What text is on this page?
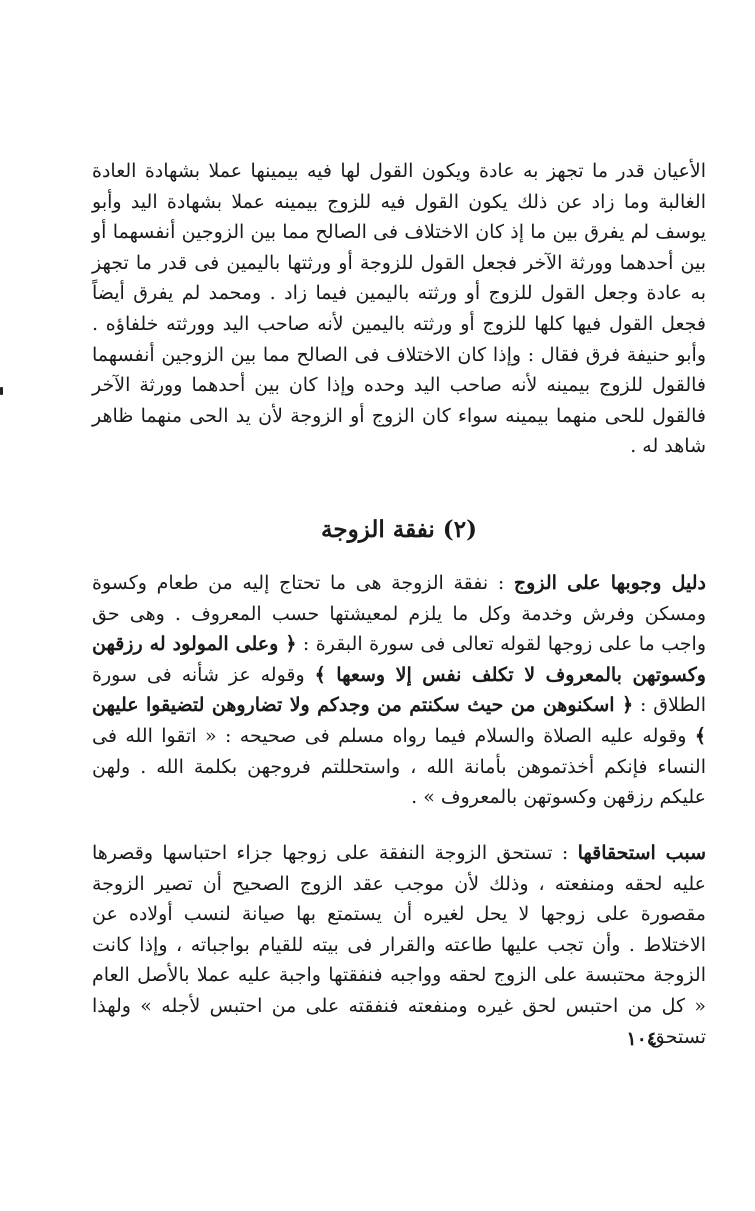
الأعيان قدر ما تجهز به عادة ويكون القول لها فيه بيمينها عملا بشهادة العادة الغالبة وما زاد عن ذلك يكون القول فيه للزوج بيمينه عملا بشهادة اليد وأبو يوسف لم يفرق بين ما إذ كان الاختلاف فى الصالح مما بين الزوجين أنفسهما أو بين أحدهما وورثة الآخر فجعل القول للزوجة أو ورثتها باليمين فى قدر ما تجهز به عادة وجعل القول للزوج أو ورثته باليمين فيما زاد . ومحمد لم يفرق أيضاً فجعل القول فيها كلها للزوج أو ورثته باليمين لأنه صاحب اليد وورثته خلفاؤه . وأبو حنيفة فرق فقال : وإذا كان الاختلاف فى الصالح مما بين الزوجين أنفسهما فالقول للزوج بيمينه لأنه صاحب اليد وحده وإذا كان بين أحدهما وورثة الآخر فالقول للحى منهما بيمينه سواء كان الزوج أو الزوجة لأن يد الحى منهما ظاهر شاهد له .

(٢) نفقة الزوجة

دليل وجوبها على الزوج : نفقة الزوجة هى ما تحتاج إليه من طعام وكسوة ومسكن وفرش وخدمة وكل ما يلزم لمعيشتها حسب المعروف . وهى حق واجب ما على زوجها لقوله تعالى فى سورة البقرة : ﴿ وعلى المولود له رزقهن وكسوتهن بالمعروف لا تكلف نفس إلا وسعها ﴾ وقوله عز شأنه فى سورة الطلاق : ﴿ اسكنوهن من حيث سكنتم من وجدكم ولا تضاروهن لتضيقوا عليهن ﴾ وقوله عليه الصلاة والسلام فيما رواه مسلم فى صحيحه : « اتقوا الله فى النساء فإنكم أخذتموهن بأمانة الله ، واستحللتم فروجهن بكلمة الله . ولهن عليكم رزقهن وكسوتهن بالمعروف » .

سبب استحقاقها : تستحق الزوجة النفقة على زوجها جزاء احتباسها وقصرها عليه لحقه ومنفعته ، وذلك لأن موجب عقد الزوج الصحيح أن تصير الزوجة مقصورة على زوجها لا يحل لغيره أن يستمتع بها صيانة لنسب أولاده عن الاختلاط . وأن تجب عليها طاعته والقرار فى بيته للقيام بواجباته ، وإذا كانت الزوجة محتبسة على الزوج لحقه وواجبه فنفقتها واجبة عليه عملا بالأصل العام « كل من احتبس لحق غيره ومنفعته فنفقته على من احتبس لأجله » ولهذا تستحق

١٠٤
